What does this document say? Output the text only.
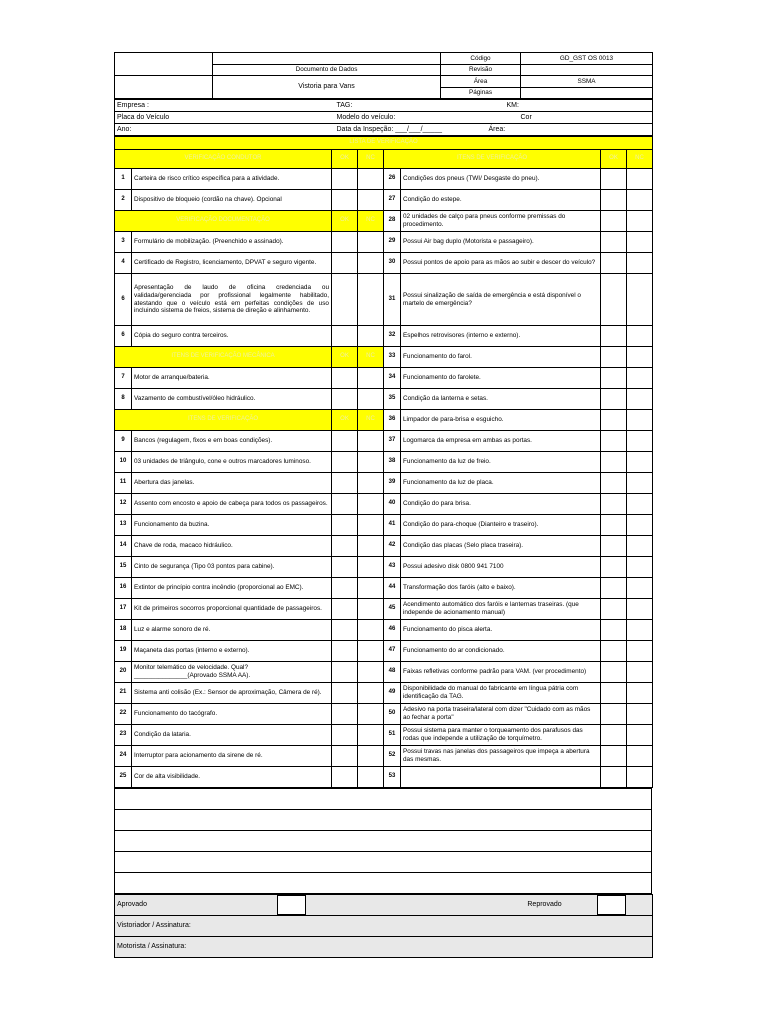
		Código	GD_GST OS 0013
	Documento de Dados	Revisão	
	Vistoria para Vans	Área	SSMA
		Páginas	
Empresa :	TAG:	KM:
Placa do Veículo	Modelo do veículo:	Cor
Ano:	Data da Inspeção: ___/___/_____	Área:
LISTA DE VERIFICAÇÃO							
VERIFICAÇÃO CONDUTOR		OK	NC	ITENS DE VERIFICAÇÃO		OK	NC
1	Carteira de risco crítico específica para a atividade.			26	Condições dos pneus (TWI/ Desgaste do pneu).		
2	Dispositivo de bloqueio (cordão na chave). Opcional			27	Condição do estepe.		
VERIFICAÇÃO DOCUMENTAÇÃO		OK	NC	28	02 unidades de calço para pneus conforme premissas do procedimento.		
3	Formulário de mobilização. (Preenchido e assinado).			29	Possui Air bag duplo (Motorista e passageiro).		
4	Certificado de Registro, licenciamento, DPVAT e seguro vigente.			30	Possui pontos de apoio para as mãos ao subir e descer do veículo?		
6	Apresentação de laudo de oficina credenciada ou validada/gerenciada por profissional legalmente habilitado, atestando que o veículo está em perfeitas condições de uso incluindo sistema de freios, sistema de direção e alinhamento.			31	Possui sinalização de saída de emergência e está disponível o martelo de emergência?		
6	Cópia do seguro contra terceiros.			32	Espelhos retrovisores (interno e externo).		
ITENS DE VERIFICAÇÃO MECÂNICA		OK	NC	33	Funcionamento do farol.		
7	Motor de arranque/bateria.			34	Funcionamento do farolete.		
8	Vazamento de combustível/óleo hidráulico.			35	Condição da lanterna e setas.		
ITENS DE VERIFICAÇÃO		OK	NC	36	Limpador de para-brisa e esguicho.		
9	Bancos (regulagem, fixos e em boas condições).			37	Logomarca da empresa em ambas as portas.		
10	03 unidades de triângulo, cone e outros marcadores luminoso.			38	Funcionamento da luz de freio.		
11	Abertura das janelas.			39	Funcionamento da luz de placa.		
12	Assento com encosto e apoio de cabeça para todos os passageiros.			40	Condição do para brisa.		
13	Funcionamento da buzina.			41	Condição do para-choque (Dianteiro e traseiro).		
14	Chave de roda, macaco hidráulico.			42	Condição das placas (Selo placa traseira).		
15	Cinto de segurança (Tipo 03 pontos para cabine).			43	Possui adesivo disk 0800 941 7100		
16	Extintor de princípio contra incêndio (proporcional ao EMC).			44	Transformação dos faróis (alto e baixo).		
17	Kit de primeiros socorros proporcional quantidade de passageiros.			45	Acendimento automático dos faróis e lanternas traseiras. (que independe de acionamento manual)		
18	Luz e alarme sonoro de ré.			46	Funcionamento do pisca alerta.		
19	Maçaneta das portas (interno e externo).			47	Funcionamento do ar condicionado.		
20	Monitor telemático de velocidade. Qual?_______________(Aprovado SSMA AA).			48	Faixas refletivas conforme padrão para VAM. (ver procedimento)		
21	Sistema anti colisão (Ex.: Sensor de aproximação, Câmera de ré).			49	Disponibilidade do manual do fabricante em língua pátria com identificação da TAG.		
22	Funcionamento do tacógrafo.			50	Adesivo na porta traseira/lateral com dizer "Cuidado com as mãos ao fechar a porta"		
23	Condição da lataria.			51	Possui sistema para manter o torqueamento dos parafusos das rodas que independe a utilização de torquímetro.		
24	Interruptor para acionamento da sirene de ré.			52	Possui travas nas janelas dos passageiros que impeça a abertura das mesmas.		
25	Cor de alta visibilidade.			53			

Aprovado			Reprovado	
Vistoriador / Assinatura:
Motorista / Assinatura:
